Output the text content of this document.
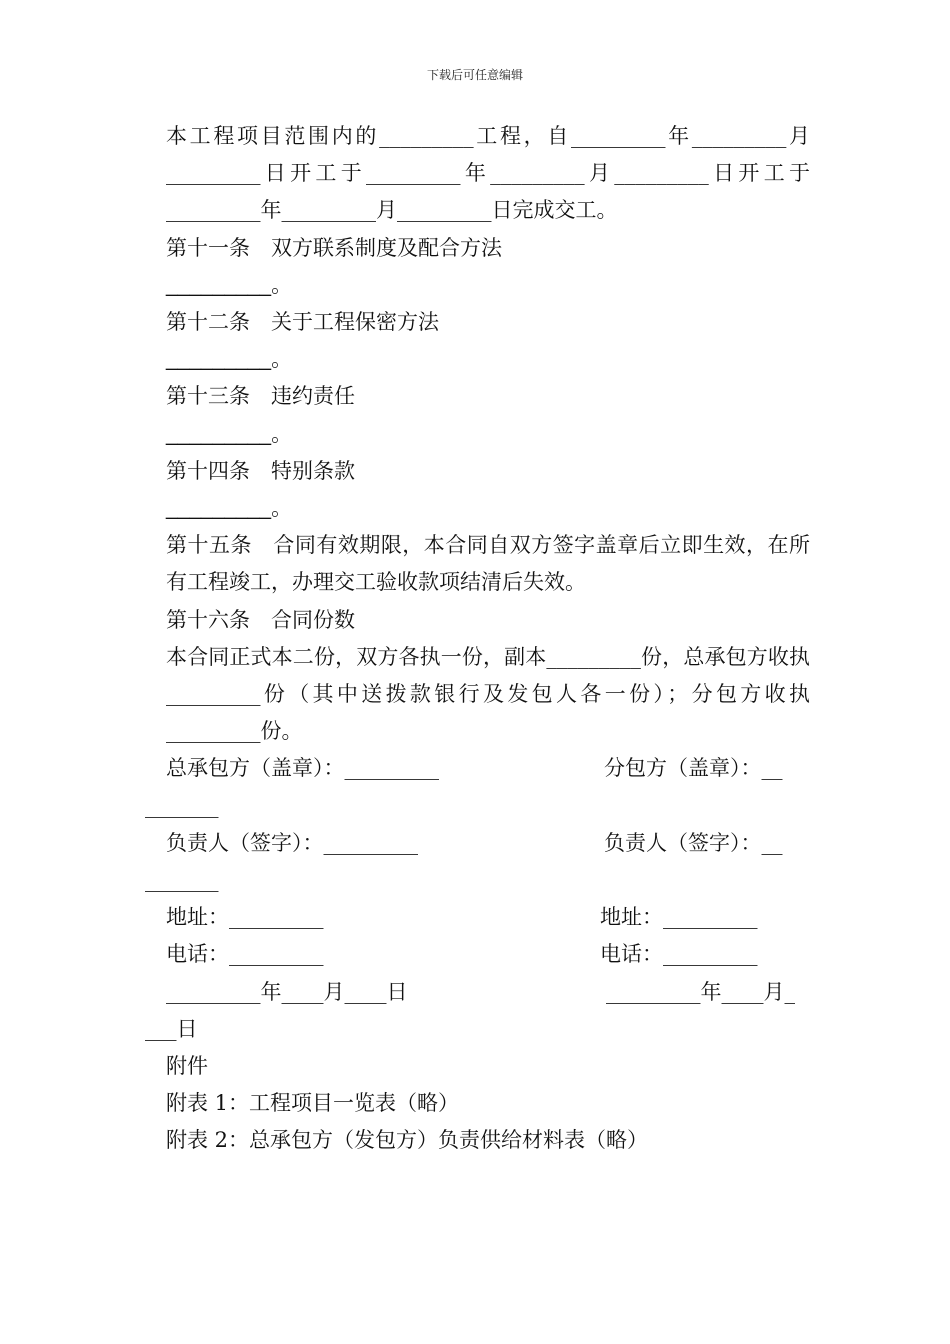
下载后可任意编辑

本工程项目范围内的_________工程，自_________年_________月_________日开工于_________年_________月_________日开工于_________年_________月_________日完成交工。

第十一条　双方联系制度及配合方法

_________。

第十二条　关于工程保密方法

_________。

第十三条　违约责任

_________。

第十四条　特别条款

_________。

第十五条　合同有效期限，本合同自双方签字盖章后立即生效，在所有工程竣工，办理交工验收款项结清后失效。

第十六条　合同份数

本合同正式本二份，双方各执一份，副本_________份，总承包方收执_________份（其中送拨款银行及发包人各一份）；分包方收执_________份。

总承包方（盖章）：_________	分包方（盖章）：__
_______
负责人（签字）：_________	负责人（签字）：__
_______
地址：_________	地址：_________
电话：_________	电话：_________
_________年____月____日	_________年____月_
___日

附件

附表 1：工程项目一览表（略）

附表 2：总承包方（发包方）负责供给材料表（略）
